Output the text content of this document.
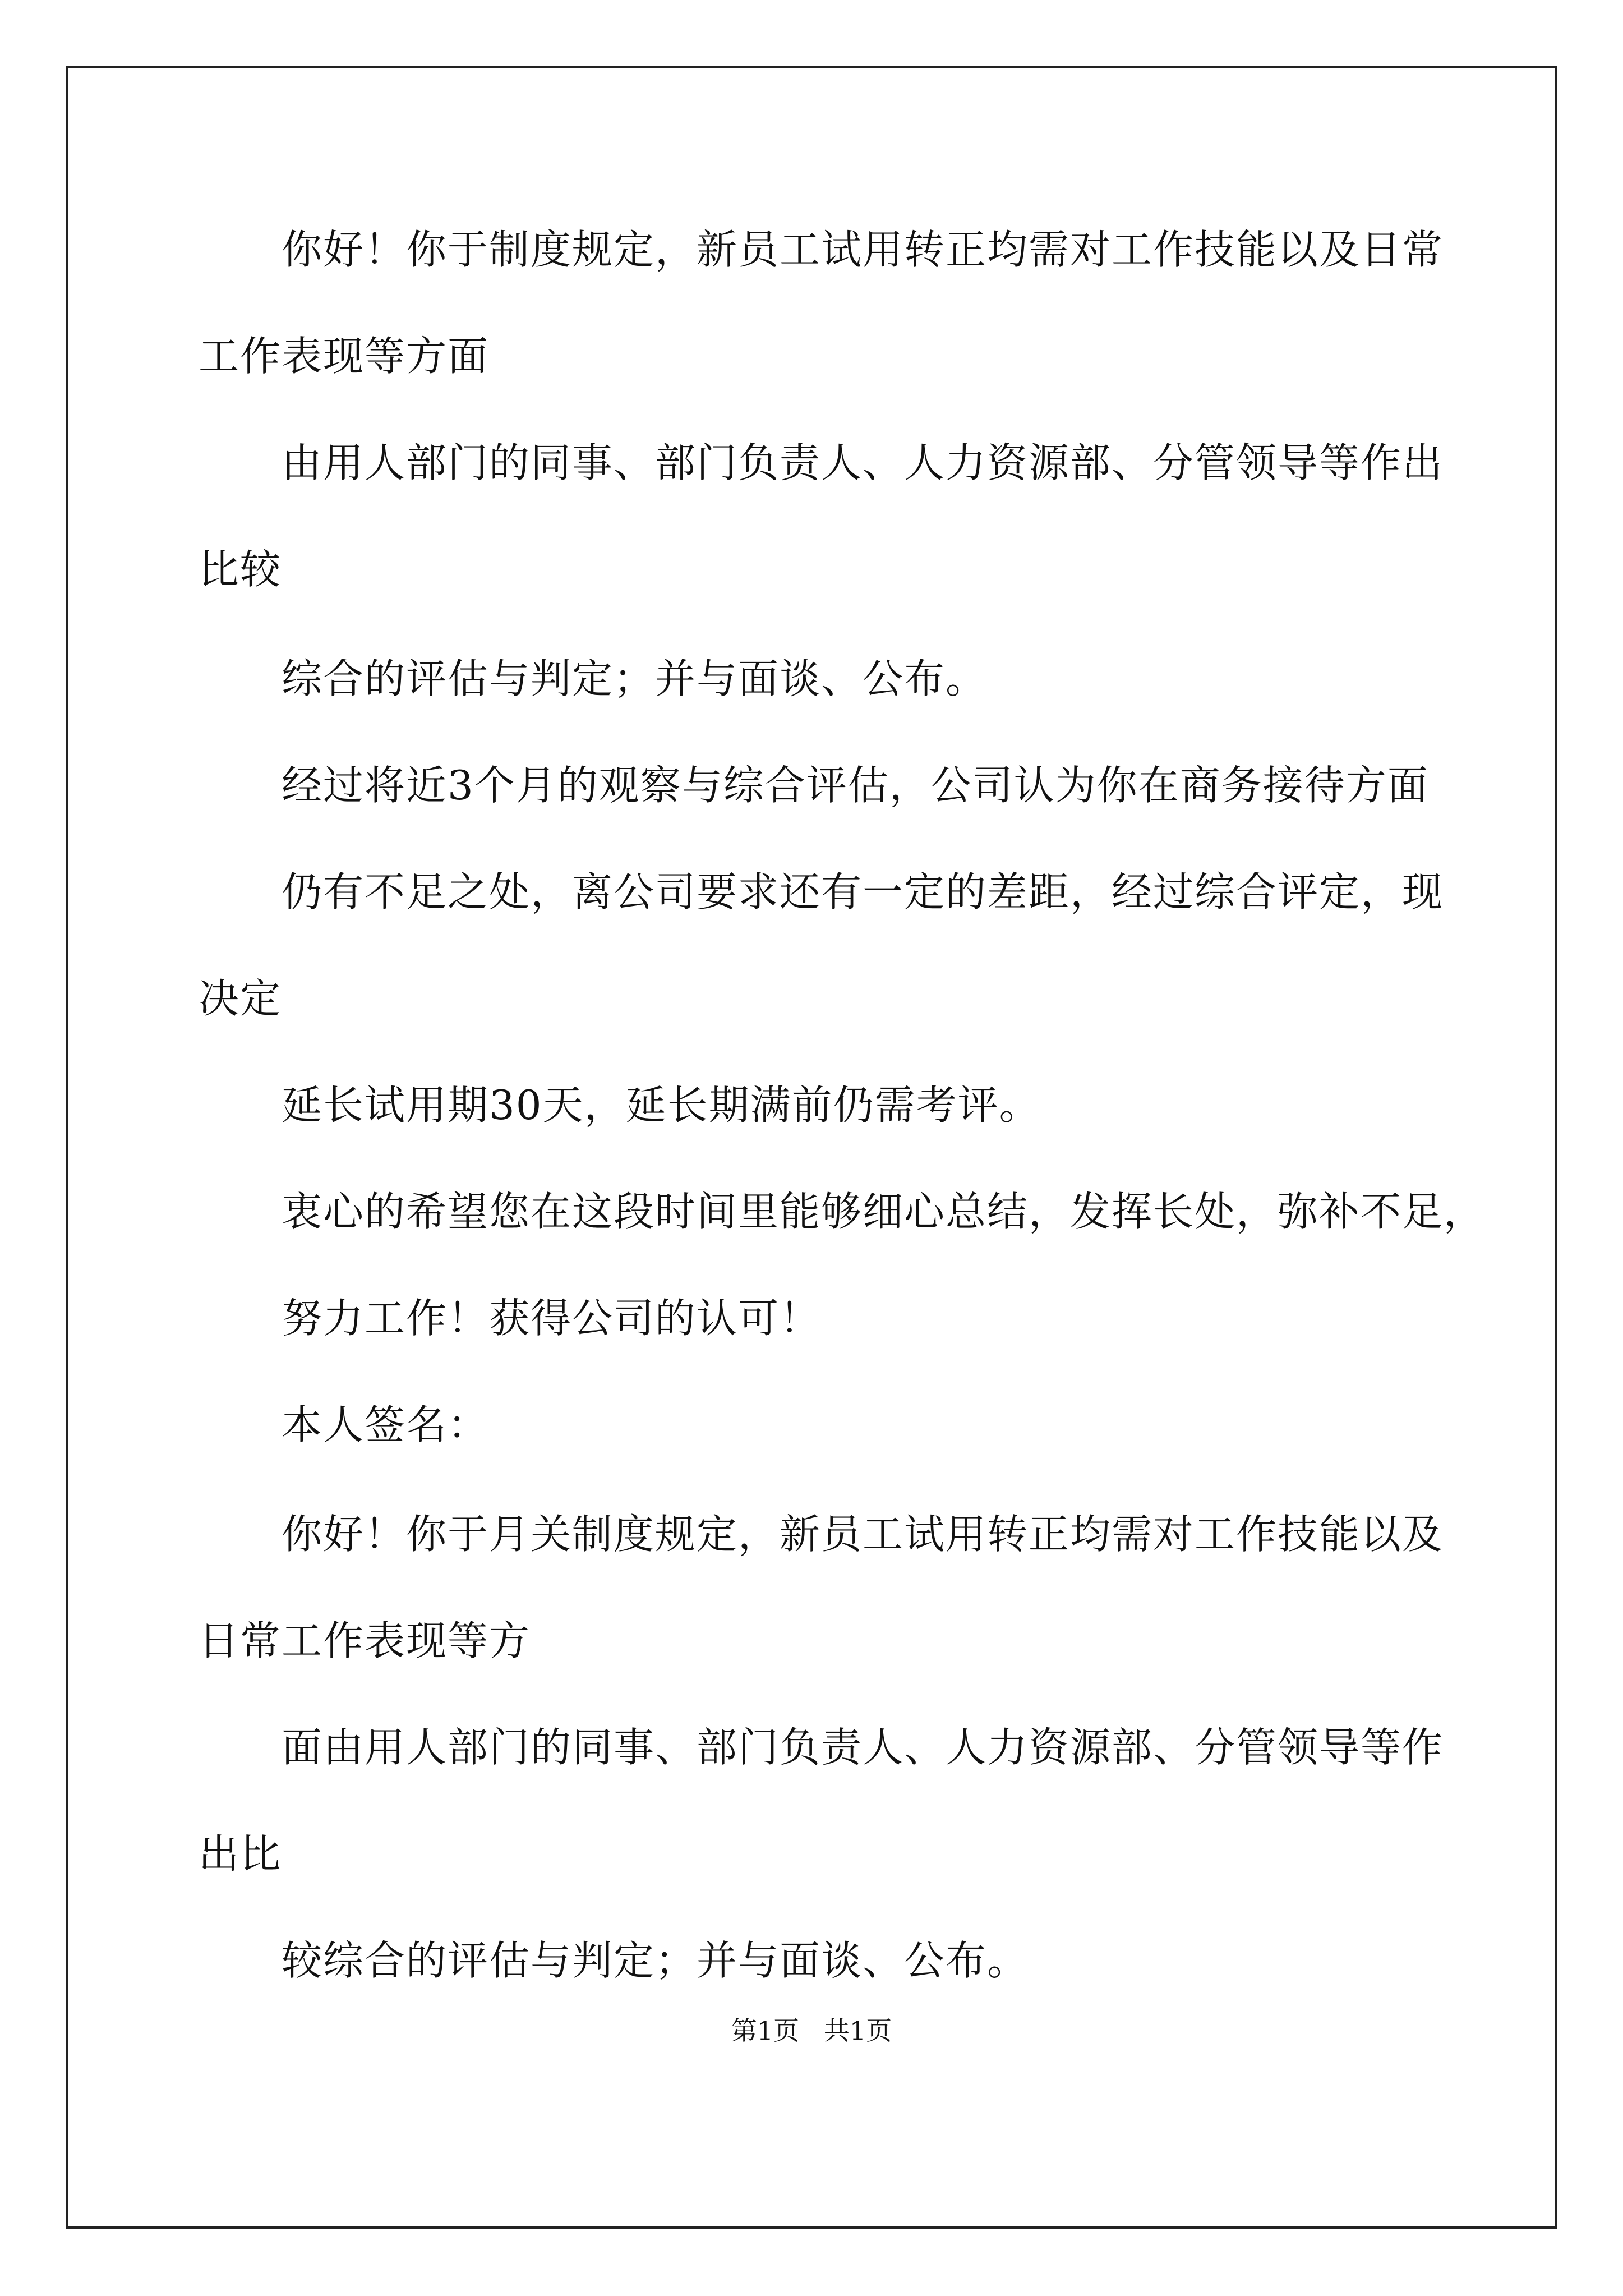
你好！你于制度规定，新员工试用转正均需对工作技能以及日常
工作表现等方面
由用人部门的同事、部门负责人、人力资源部、分管领导等作出
比较
综合的评估与判定；并与面谈、公布。
经过将近3个月的观察与综合评估，公司认为你在商务接待方面
仍有不足之处，离公司要求还有一定的差距，经过综合评定，现
决定
延长试用期30天，延长期满前仍需考评。
衷心的希望您在这段时间里能够细心总结，发挥长处，弥补不足，
努力工作！获得公司的认可！
本人签名：
你好！你于月关制度规定，新员工试用转正均需对工作技能以及
日常工作表现等方
面由用人部门的同事、部门负责人、人力资源部、分管领导等作
出比
较综合的评估与判定；并与面谈、公布。
第1页   共1页
